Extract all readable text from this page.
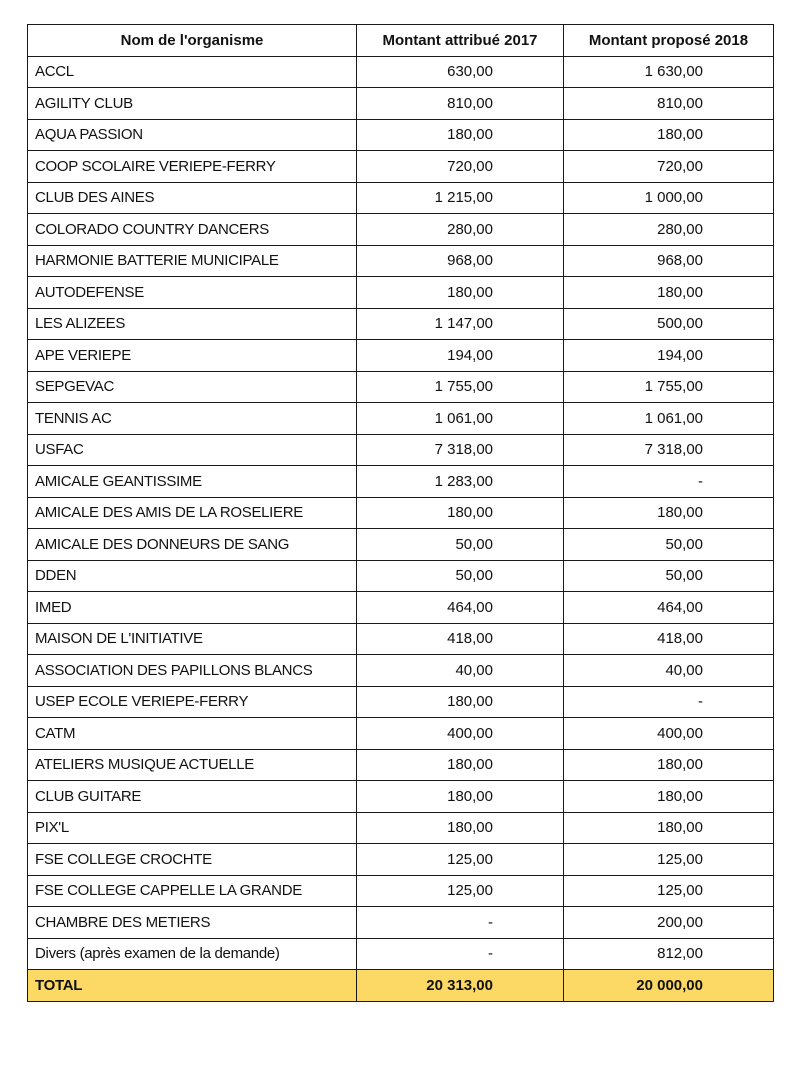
Nom de l'organisme	Montant attribué 2017	Montant proposé 2018
ACCL	630,00	1 630,00
AGILITY CLUB	810,00	810,00
AQUA PASSION	180,00	180,00
COOP SCOLAIRE VERIEPE-FERRY	720,00	720,00
CLUB DES AINES	1 215,00	1 000,00
COLORADO COUNTRY DANCERS	280,00	280,00
HARMONIE BATTERIE MUNICIPALE	968,00	968,00
AUTODEFENSE	180,00	180,00
LES ALIZEES	1 147,00	500,00
APE VERIEPE	194,00	194,00
SEPGEVAC	1 755,00	1 755,00
TENNIS AC	1 061,00	1 061,00
USFAC	7 318,00	7 318,00
AMICALE GEANTISSIME	1 283,00	-
AMICALE DES AMIS DE LA ROSELIERE	180,00	180,00
AMICALE DES DONNEURS DE SANG	50,00	50,00
DDEN	50,00	50,00
IMED	464,00	464,00
MAISON DE L'INITIATIVE	418,00	418,00
ASSOCIATION DES PAPILLONS BLANCS	40,00	40,00
USEP ECOLE VERIEPE-FERRY	180,00	-
CATM	400,00	400,00
ATELIERS MUSIQUE ACTUELLE	180,00	180,00
CLUB GUITARE	180,00	180,00
PIX'L	180,00	180,00
FSE COLLEGE CROCHTE	125,00	125,00
FSE COLLEGE CAPPELLE LA GRANDE	125,00	125,00
CHAMBRE DES METIERS	-	200,00
Divers (après examen de la demande)	-	812,00
TOTAL	20 313,00	20 000,00
